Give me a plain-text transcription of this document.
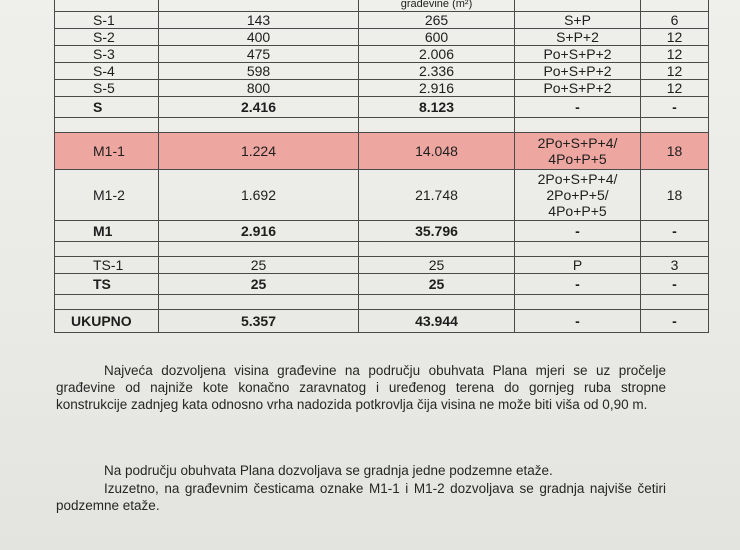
		građevine (m²)		
S-1	143	265	S+P	6
S-2	400	600	S+P+2	12
S-3	475	2.006	Po+S+P+2	12
S-4	598	2.336	Po+S+P+2	12
S-5	800	2.916	Po+S+P+2	12
S	2.416	8.123	-	-

M1-1	1.224	14.048	2Po+S+P+4/
4Po+P+5	18
M1-2	1.692	21.748	2Po+S+P+4/
2Po+P+5/
4Po+P+5	18
M1	2.916	35.796	-	-

TS-1	25	25	P	3
TS	25	25	-	-

UKUPNO	5.357	43.944	-	-

Najveća dozvoljena visina građevine na području obuhvata Plana mjeri se uz pročelje građevine od najniže kote konačno zaravnatog i uređenog terena do gornjeg ruba stropne konstrukcije zadnjeg kata odnosno vrha nadozida potkrovlja čija visina ne može biti viša od 0,90 m.

Na području obuhvata Plana dozvoljava se gradnja jedne podzemne etaže.

Izuzetno, na građevnim česticama oznake M1-1 i M1-2 dozvoljava se gradnja najviše četiri podzemne etaže.
